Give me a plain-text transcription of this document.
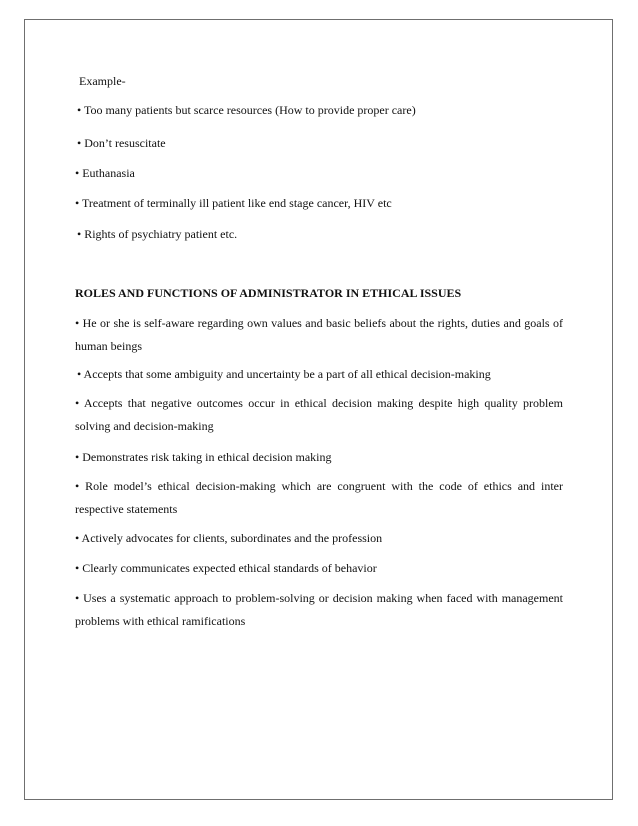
Example-
• Too many patients but scarce resources (How to provide proper care)
• Don’t resuscitate
• Euthanasia
• Treatment of terminally ill patient like end stage cancer, HIV etc
• Rights of psychiatry patient etc.
ROLES AND FUNCTIONS OF ADMINISTRATOR IN ETHICAL ISSUES
• He or she is self-aware regarding own values and basic beliefs about the rights, duties and goals of human beings
• Accepts that some ambiguity and uncertainty be a part of all ethical decision-making
• Accepts that negative outcomes occur in ethical decision making despite high quality problem solving and decision-making
• Demonstrates risk taking in ethical decision making
• Role model’s ethical decision-making which are congruent with the code of ethics and inter respective statements
• Actively advocates for clients, subordinates and the profession
• Clearly communicates expected ethical standards of behavior
• Uses a systematic approach to problem-solving or decision making when faced with management problems with ethical ramifications
